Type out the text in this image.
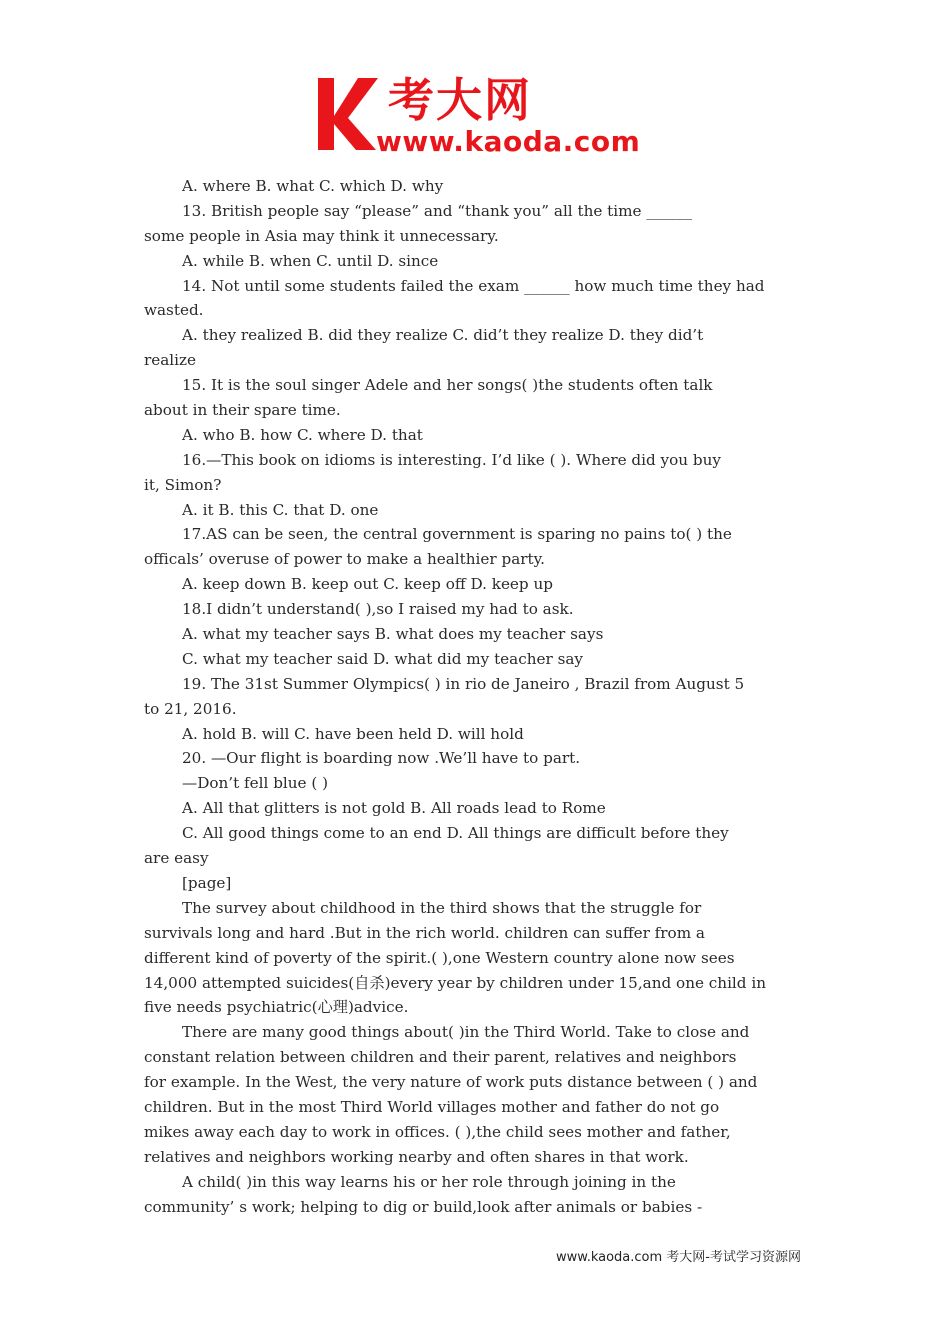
考大网
www.kaoda.com
A. where B. what C. which D. why
13. British people say “please” and “thank you” all the time ______
some people in Asia may think it unnecessary.
A. while B. when C. until D. since
14. Not until some students failed the exam ______ how much time they had
wasted.
A. they realized B. did they realize C. did’t they realize D. they did’t
realize
15. It is the soul singer Adele and her songs( )the students often talk
about in their spare time.
A. who B. how C. where D. that
16.—This book on idioms is interesting. I’d like ( ). Where did you buy
it, Simon?
A. it B. this C. that D. one
17.AS can be seen, the central government is sparing no pains to( ) the
officals’ overuse of power to make a healthier party.
A. keep down B. keep out C. keep off D. keep up
18.I didn’t understand( ),so I raised my had to ask.
A. what my teacher says B. what does my teacher says
C. what my teacher said D. what did my teacher say
19. The 31st Summer Olympics( ) in rio de Janeiro , Brazil from August 5
to 21, 2016.
A. hold B. will C. have been held D. will hold
20. —Our flight is boarding now .We’ll have to part.
—Don’t fell blue ( )
A. All that glitters is not gold B. All roads lead to Rome
C. All good things come to an end D. All things are difficult before they
are easy
[page]
The survey about childhood in the third shows that the struggle for
survivals long and hard .But in the rich world. children can suffer from a
different kind of poverty of the spirit.( ),one Western country alone now sees
14,000 attempted suicides(自杀)every year by children under 15,and one child in
five needs psychiatric(心理)advice.
There are many good things about( )in the Third World. Take to close and
constant relation between children and their parent, relatives and neighbors
for example. In the West, the very nature of work puts distance between ( ) and
children. But in the most Third World villages mother and father do not go
mikes away each day to work in offices. ( ),the child sees mother and father,
relatives and neighbors working nearby and often shares in that work.
A child( )in this way learns his or her role through joining in the
community’ s work; helping to dig or build,look after animals or babies -
www.kaoda.com 考大网-考试学习资源网
